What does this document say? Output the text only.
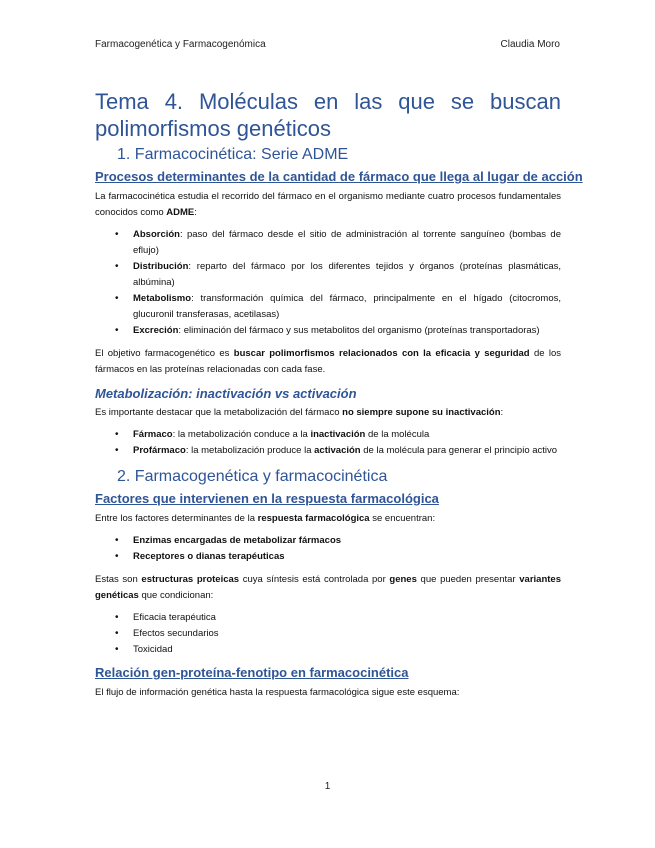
Farmacogenética y Farmacogenómica	Claudia Moro
Tema 4. Moléculas en las que se buscan
polimorfismos genéticos
1. Farmacocinética: Serie ADME
Procesos determinantes de la cantidad de fármaco que llega al lugar de acción

La farmacocinética estudia el recorrido del fármaco en el organismo mediante cuatro procesos fundamentales conocidos como ADME:

• Absorción: paso del fármaco desde el sitio de administración al torrente sanguíneo (bombas de eflujo)
• Distribución: reparto del fármaco por los diferentes tejidos y órganos (proteínas plasmáticas, albúmina)
• Metabolismo: transformación química del fármaco, principalmente en el hígado (citocromos, glucuronil transferasas, acetilasas)
• Excreción: eliminación del fármaco y sus metabolitos del organismo (proteínas transportadoras)

El objetivo farmacogenético es buscar polimorfismos relacionados con la eficacia y seguridad de los fármacos en las proteínas relacionadas con cada fase.

Metabolización: inactivación vs activación

Es importante destacar que la metabolización del fármaco no siempre supone su inactivación:

• Fármaco: la metabolización conduce a la inactivación de la molécula
• Profármaco: la metabolización produce la activación de la molécula para generar el principio activo
2. Farmacogenética y farmacocinética
Factores que intervienen en la respuesta farmacológica

Entre los factores determinantes de la respuesta farmacológica se encuentran:

• Enzimas encargadas de metabolizar fármacos
• Receptores o dianas terapéuticas

Estas son estructuras proteicas cuya síntesis está controlada por genes que pueden presentar variantes genéticas que condicionan:

• Eficacia terapéutica
• Efectos secundarios
• Toxicidad
Relación gen-proteína-fenotipo en farmacocinética

El flujo de información genética hasta la respuesta farmacológica sigue este esquema:

1
